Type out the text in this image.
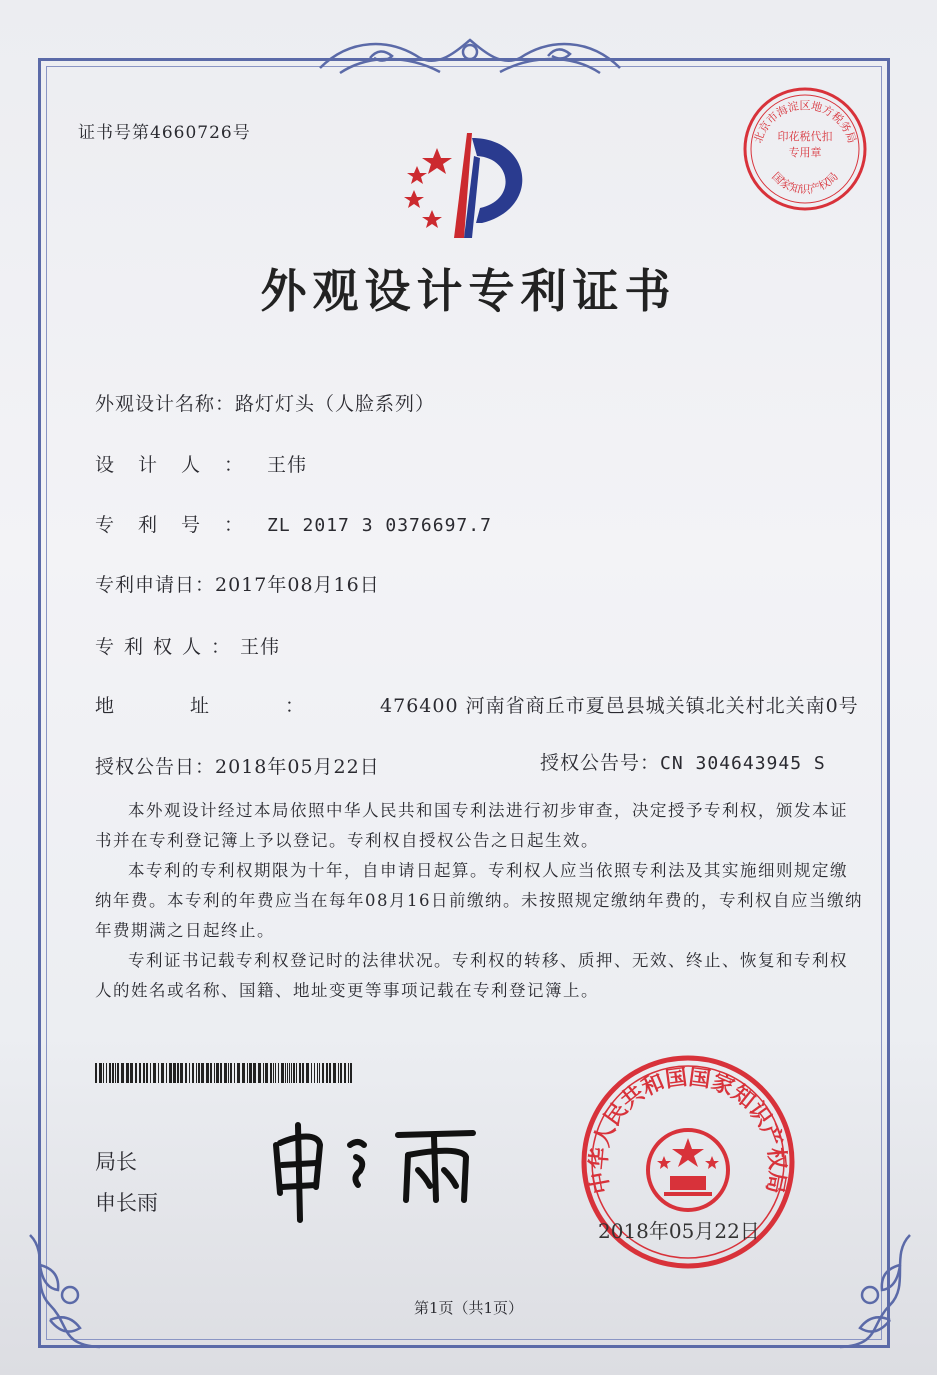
北京市海淀区地方税务局
国家知识产权局
印花税代扣专用章
证书号第4660726号
外观设计专利证书
外观设计名称：路灯灯头（人脸系列）
设计人：王伟
专利号：ZL 2017 3 0376697.7
专利申请日：2017年08月16日
专利权人：王伟
地址：476400 河南省商丘市夏邑县城关镇北关村北关南0号
授权公告日：2018年05月22日	授权公告号：CN 304643945 S

本外观设计经过本局依照中华人民共和国专利法进行初步审查，决定授予专利权，颁发本证书并在专利登记簿上予以登记。专利权自授权公告之日起生效。

本专利的专利权期限为十年，自申请日起算。专利权人应当依照专利法及其实施细则规定缴纳年费。本专利的年费应当在每年08月16日前缴纳。未按照规定缴纳年费的，专利权自应当缴纳年费期满之日起终止。

专利证书记载专利权登记时的法律状况。专利权的转移、质押、无效、终止、恢复和专利权人的姓名或名称、国籍、地址变更等事项记载在专利登记簿上。

局长
申长雨
中华人民共和国国家知识产权局
2018年05月22日
第1页（共1页）
